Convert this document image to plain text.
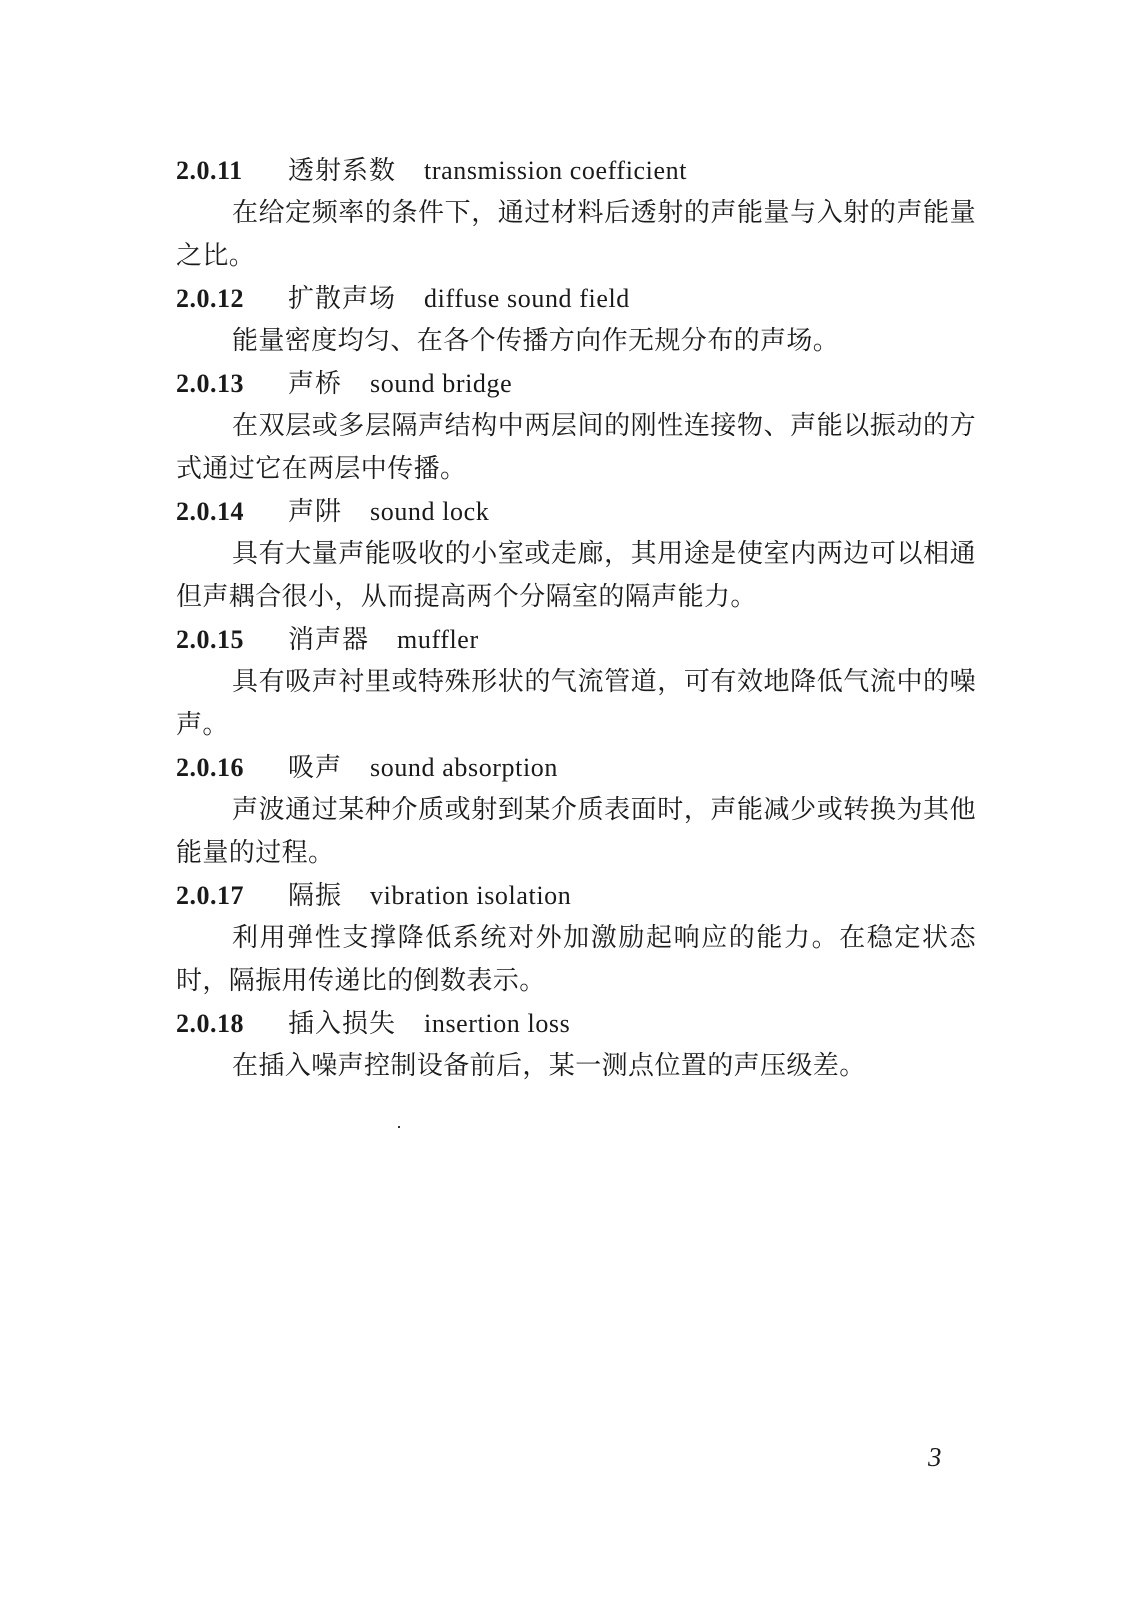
2.0.11 透射系数 transmission coefficient

在给定频率的条件下，通过材料后透射的声能量与入射的声能量之比。

2.0.12 扩散声场 diffuse sound field

能量密度均匀、在各个传播方向作无规分布的声场。

2.0.13 声桥 sound bridge

在双层或多层隔声结构中两层间的刚性连接物、声能以振动的方式通过它在两层中传播。

2.0.14 声阱 sound lock

具有大量声能吸收的小室或走廊，其用途是使室内两边可以相通但声耦合很小，从而提高两个分隔室的隔声能力。

2.0.15 消声器 muffler

具有吸声衬里或特殊形状的气流管道，可有效地降低气流中的噪声。

2.0.16 吸声 sound absorption

声波通过某种介质或射到某介质表面时，声能减少或转换为其他能量的过程。

2.0.17 隔振 vibration isolation

利用弹性支撑降低系统对外加激励起响应的能力。在稳定状态时，隔振用传递比的倒数表示。

2.0.18 插入损失 insertion loss

在插入噪声控制设备前后，某一测点位置的声压级差。

3
